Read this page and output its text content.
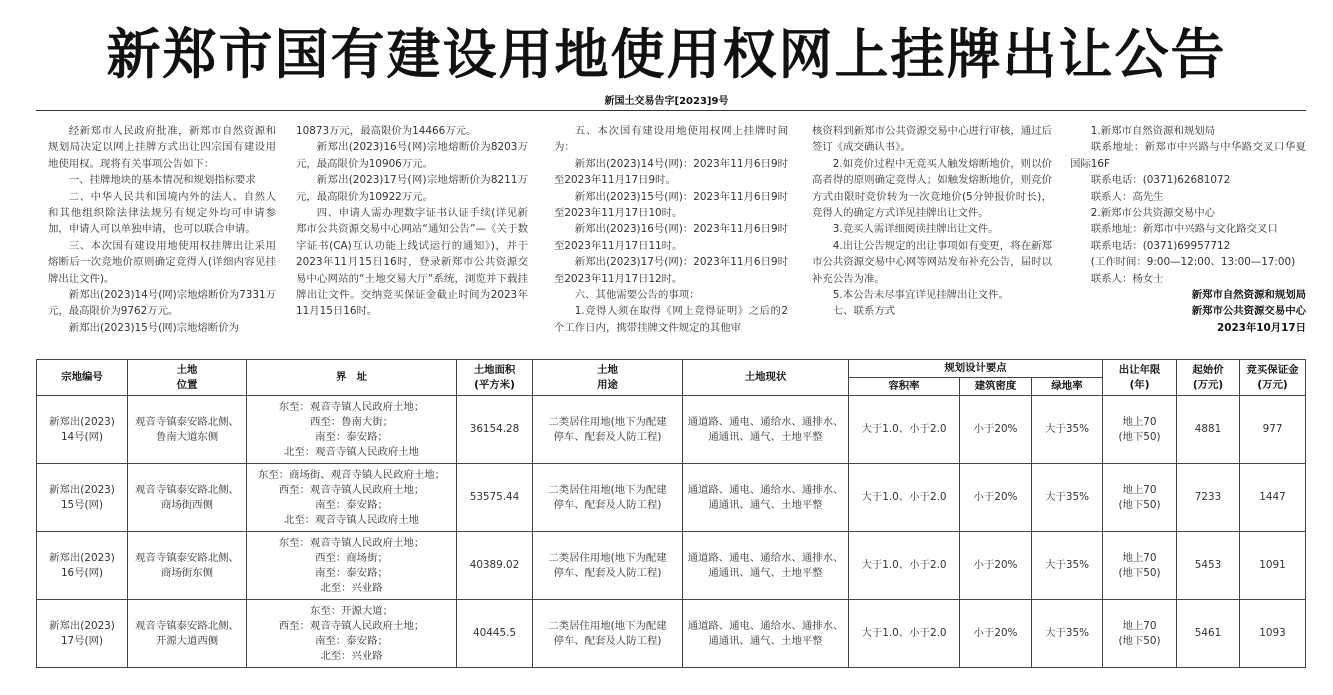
新郑市国有建设用地使用权网上挂牌出让公告
新国土交易告字[2023]9号

经新郑市人民政府批准，新郑市自然资源和规划局决定以网上挂牌方式出让四宗国有建设用地使用权。现将有关事项公告如下：

一、挂牌地块的基本情况和规划指标要求

二、中华人民共和国境内外的法人、自然人和其他组织除法律法规另有规定外均可申请参加，申请人可以单独申请，也可以联合申请。

三、本次国有建设用地使用权挂牌出让采用熔断后一次竞地价原则确定竞得人(详细内容见挂牌出让文件)。

新郑出(2023)14号(网)宗地熔断价为7331万元，最高限价为9762万元。

新郑出(2023)15号(网)宗地熔断价为

10873万元，最高限价为14466万元。

新郑出(2023)16号(网)宗地熔断价为8203万元，最高限价为10906万元。

新郑出(2023)17号(网)宗地熔断价为8211万元，最高限价为10922万元。

四、申请人需办理数字证书认证手续(详见新郑市公共资源交易中心网站“通知公告”—《关于数字证书(CA)互认功能上线试运行的通知》)，并于2023年11月15日16时，登录新郑市公共资源交易中心网站的“土地交易大厅”系统，浏览并下载挂牌出让文件。交纳竞买保证金截止时间为2023年11月15日16时。

五、本次国有建设用地使用权网上挂牌时间为：

新郑出(2023)14号(网)：2023年11月6日9时至2023年11月17日9时。

新郑出(2023)15号(网)：2023年11月6日9时至2023年11月17日10时。

新郑出(2023)16号(网)：2023年11月6日9时至2023年11月17日11时。

新郑出(2023)17号(网)：2023年11月6日9时至2023年11月17日12时。

六、其他需要公告的事项：

1.竞得人须在取得《网上竞得证明》之后的2个工作日内，携带挂牌文件规定的其他审

核资料到新郑市公共资源交易中心进行审核，通过后签订《成交确认书》。

2.如竞价过程中无竞买人触发熔断地价，则以价高者得的原则确定竞得人；如触发熔断地价，则竞价方式由限时竞价转为一次竞地价(5分钟报价时长)，竞得人的确定方式详见挂牌出让文件。

3.竞买人需详细阅读挂牌出让文件。

4.出让公告规定的出让事项如有变更，将在新郑市公共资源交易中心网等网站发布补充公告，届时以补充公告为准。

5.本公告未尽事宜详见挂牌出让文件。

七、联系方式

1.新郑市自然资源和规划局

联系地址：新郑市中兴路与中华路交叉口华夏国际16F

联系电话：(0371)62681072

联系人：高先生

2.新郑市公共资源交易中心

联系地址：新郑市中兴路与文化路交叉口

联系电话：(0371)69957712

(工作时间：9:00—12:00、13:00—17:00)

联系人：杨女士

新郑市自然资源和规划局

新郑市公共资源交易中心

2023年10月17日

宗地编号	土地
位置	界　址	土地面积
(平方米)	土地
用途	土地现状	规划设计要点			出让年限
(年)	起始价
(万元)	竞买保证金
(万元)
						容积率	建筑密度	绿地率			
新郑出(2023)
14号(网)	观音寺镇泰安路北侧、
鲁南大道东侧	东至：观音寺镇人民政府土地；
西至：鲁南大街；
南至：泰安路；
北至：观音寺镇人民政府土地	36154.28	二类居住用地(地下为配建
停车、配套及人防工程)	通道路、通电、通给水、通排水、
通通讯、通气、土地平整	大于1.0、小于2.0	小于20%	大于35%	地上70
(地下50)	4881	977
新郑出(2023)
15号(网)	观音寺镇泰安路北侧、
商场街西侧	东至：商场街、观音寺镇人民政府土地；
西至：观音寺镇人民政府土地；
南至：泰安路；
北至：观音寺镇人民政府土地	53575.44	二类居住用地(地下为配建
停车、配套及人防工程)	通道路、通电、通给水、通排水、
通通讯、通气、土地平整	大于1.0、小于2.0	小于20%	大于35%	地上70
(地下50)	7233	1447
新郑出(2023)
16号(网)	观音寺镇泰安路北侧、
商场街东侧	东至：观音寺镇人民政府土地；
西至：商场街；
南至：泰安路；
北至：兴业路	40389.02	二类居住用地(地下为配建
停车、配套及人防工程)	通道路、通电、通给水、通排水、
通通讯、通气、土地平整	大于1.0、小于2.0	小于20%	大于35%	地上70
(地下50)	5453	1091
新郑出(2023)
17号(网)	观音寺镇泰安路北侧、
开源大道西侧	东至：开源大道；
西至：观音寺镇人民政府土地；
南至：泰安路；
北至：兴业路	40445.5	二类居住用地(地下为配建
停车、配套及人防工程)	通道路、通电、通给水、通排水、
通通讯、通气、土地平整	大于1.0、小于2.0	小于20%	大于35%	地上70
(地下50)	5461	1093
